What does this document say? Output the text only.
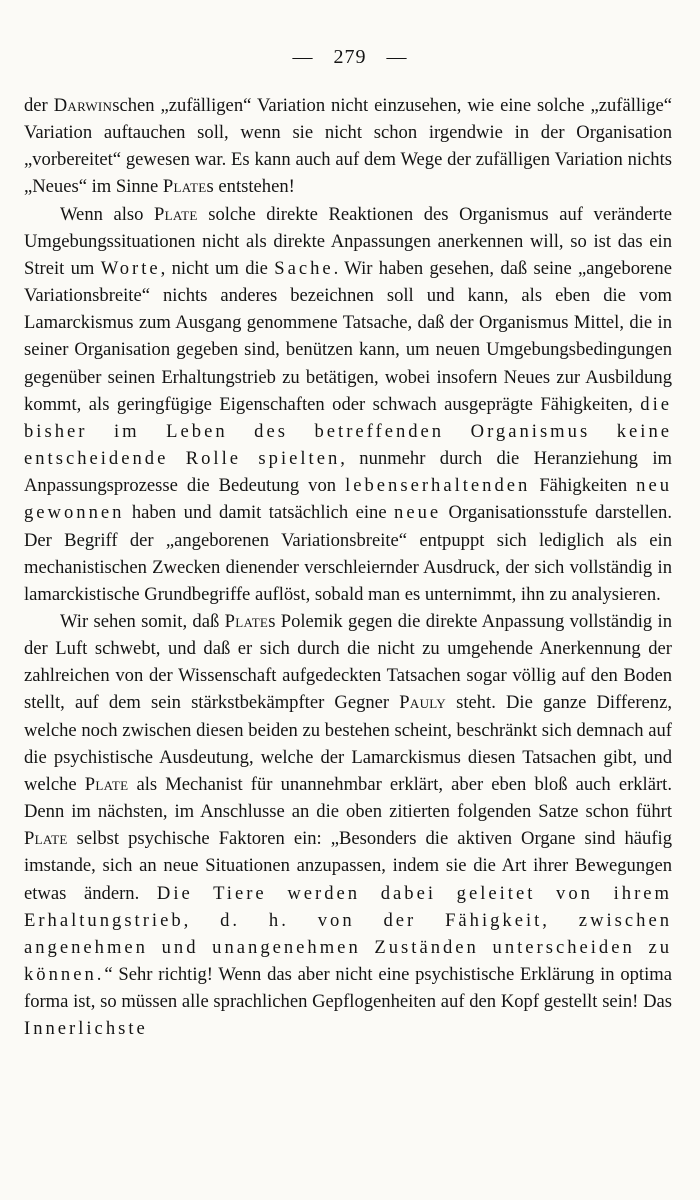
— 279 —

der Darwinschen „zufälligen“ Variation nicht einzusehen, wie eine solche „zufällige“ Variation auftauchen soll, wenn sie nicht schon irgendwie in der Organisation „vorbereitet“ gewesen war. Es kann auch auf dem Wege der zufälligen Variation nichts „Neues“ im Sinne Plates entstehen!

Wenn also Plate solche direkte Reaktionen des Organismus auf veränderte Umgebungssituationen nicht als direkte Anpassungen anerkennen will, so ist das ein Streit um Worte, nicht um die Sache. Wir haben gesehen, daß seine „angeborene Variationsbreite“ nichts anderes bezeichnen soll und kann, als eben die vom Lamarckismus zum Ausgang genommene Tatsache, daß der Organismus Mittel, die in seiner Organisation gegeben sind, benützen kann, um neuen Umgebungsbedingungen gegenüber seinen Erhaltungstrieb zu betätigen, wobei insofern Neues zur Ausbildung kommt, als geringfügige Eigenschaften oder schwach ausgeprägte Fähigkeiten, die bisher im Leben des betreffenden Organismus keine entscheidende Rolle spielten, nunmehr durch die Heranziehung im Anpassungsprozesse die Bedeutung von lebenserhaltenden Fähigkeiten neu gewonnen haben und damit tatsächlich eine neue Organisationsstufe darstellen. Der Begriff der „angeborenen Variationsbreite“ entpuppt sich lediglich als ein mechanistischen Zwecken dienender verschleiernder Ausdruck, der sich vollständig in lamarckistische Grundbegriffe auflöst, sobald man es unternimmt, ihn zu analysieren.

Wir sehen somit, daß Plates Polemik gegen die direkte Anpassung vollständig in der Luft schwebt, und daß er sich durch die nicht zu umgehende Anerkennung der zahlreichen von der Wissenschaft aufgedeckten Tatsachen sogar völlig auf den Boden stellt, auf dem sein stärkstbekämpfter Gegner Pauly steht. Die ganze Differenz, welche noch zwischen diesen beiden zu bestehen scheint, beschränkt sich demnach auf die psychistische Ausdeutung, welche der Lamarckismus diesen Tatsachen gibt, und welche Plate als Mechanist für unannehmbar erklärt, aber eben bloß auch erklärt. Denn im nächsten, im Anschlusse an die oben zitierten folgenden Satze schon führt Plate selbst psychische Faktoren ein: „Besonders die aktiven Organe sind häufig imstande, sich an neue Situationen anzupassen, indem sie die Art ihrer Bewegungen etwas ändern. Die Tiere werden dabei geleitet von ihrem Erhaltungstrieb, d. h. von der Fähigkeit, zwischen angenehmen und unangenehmen Zuständen unterscheiden zu können.“ Sehr richtig! Wenn das aber nicht eine psychistische Erklärung in optima forma ist, so müssen alle sprachlichen Gepflogenheiten auf den Kopf gestellt sein! Das Innerlichste
